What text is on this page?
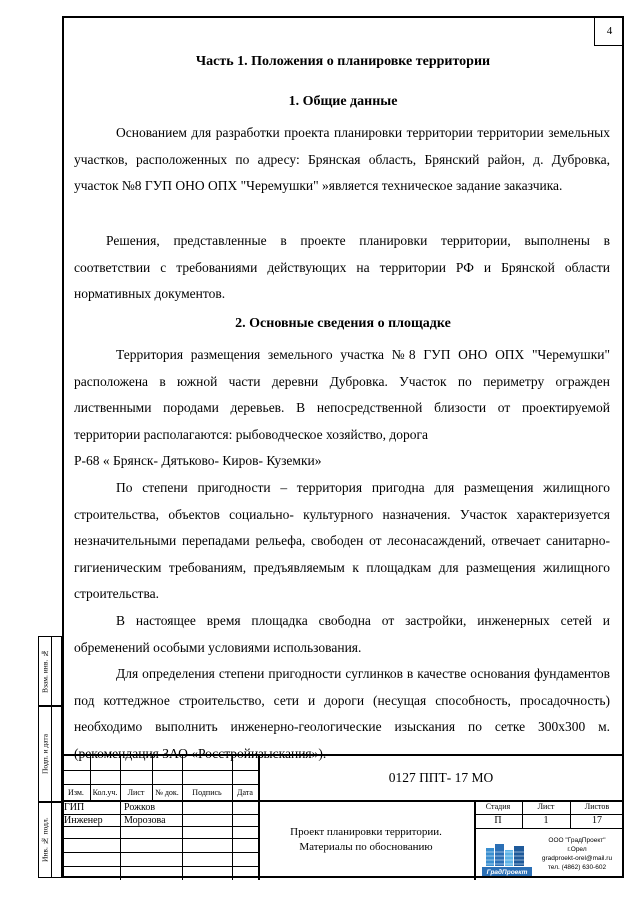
4
Часть 1. Положения о планировке территории
1. Общие данные

Основанием для разработки проекта планировки территории территории земельных участков, расположенных по адресу: Брянская область, Брянский район, д. Дубровка, участок №8 ГУП ОНО ОПХ "Черемушки" »является техническое задание заказчика.

Решения, представленные в проекте планировки территории, выполнены в соответствии с требованиями действующих на территории РФ и Брянской области нормативных документов.

2. Основные сведения о площадке

Территория размещения земельного участка №8 ГУП ОНО ОПХ "Черемушки" расположена в южной части деревни Дубровка. Участок по периметру огражден лиственными породами деревьев. В непосредственной близости от проектируемой территории располагаются: рыбоводческое хозяйство, дорога

Р-68 « Брянск- Дятьково- Киров- Куземки»

По степени пригодности – территория пригодна для размещения жилищного строительства, объектов социально- культурного назначения. Участок характеризуется незначительными перепадами рельефа, свободен от лесонасаждений, отвечает санитарно-гигиеническим требованиям, предъявляемым к площадкам для размещения жилищного строительства.

В настоящее время площадка свободна от застройки, инженерных сетей и обременений особыми условиями использования.

Для определения степени пригодности суглинков в качестве основания фундаментов под коттеджное строительство, сети и дороги (несущая способность, просадочность) необходимо выполнить инженерно-геологические изыскания по сетке 300х300 м. (рекомендация ЗАО «Росстройизыскания»).

Взам. инв. №
Подп. и дата
Инв. № подл.
Изм.	Кол.уч.	Лист	№ док.	Подпись	Дата
ГИП	Рожков
Инженер Морозова
0127 ППТ- 17 МО
Проект планировки территории.
Материалы по обоснованию
Стадия	Лист	Листов
П	1	17
ГрадПроект
ООО "ГрадПроект"
г.Орел
gradproekt-orel@mail.ru
тел. (4862) 630-602
